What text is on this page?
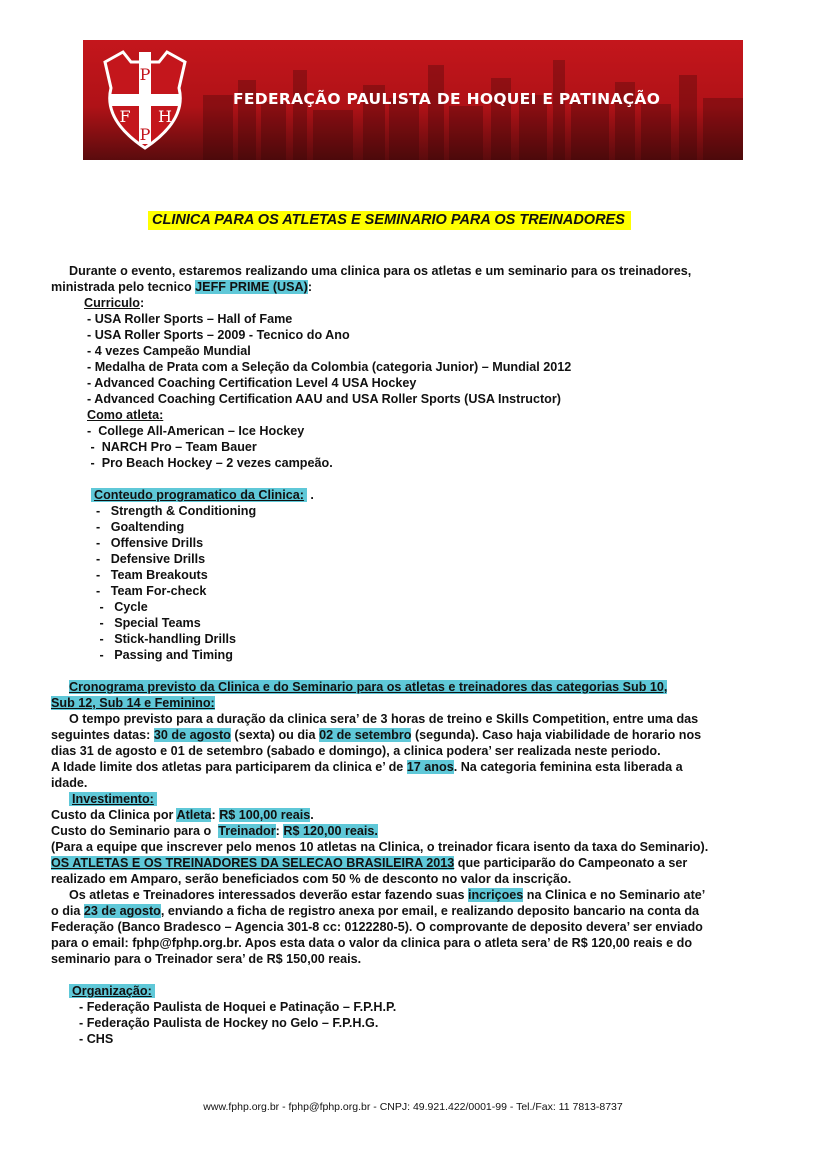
P
F H
P
FEDERAÇÃO PAULISTA DE HOQUEI E PATINAÇÃO
CLINICA PARA OS ATLETAS E SEMINARIO PARA OS TREINADORES
Durante o evento, estaremos realizando uma clinica para os atletas e um seminario para os treinadores,
ministrada pelo tecnico JEFF PRIME (USA):
Curriculo:
- USA Roller Sports – Hall of Fame
- USA Roller Sports – 2009 - Tecnico do Ano
- 4 vezes Campeão Mundial
- Medalha de Prata com a Seleção da Colombia (categoria Junior) – Mundial 2012
- Advanced Coaching Certification Level 4 USA Hockey
- Advanced Coaching Certification AAU and USA Roller Sports (USA Instructor)
Como atleta:
-  College All-American – Ice Hockey
-  NARCH Pro – Team Bauer
-  Pro Beach Hockey – 2 vezes campeão.
Conteudo programatico da Clinica: .
-   Strength & Conditioning
-   Goaltending
-   Offensive Drills
-   Defensive Drills
-   Team Breakouts
-   Team For-check
-   Cycle
-   Special Teams
-   Stick-handling Drills
-   Passing and Timing
Cronograma previsto da Clinica e do Seminario para os atletas e treinadores das categorias Sub 10,
Sub 12, Sub 14 e Feminino:
O tempo previsto para a duração da clinica sera’ de 3 horas de treino e Skills Competition, entre uma das
seguintes datas: 30 de agosto (sexta) ou dia 02 de setembro (segunda). Caso haja viabilidade de horario nos
dias 31 de agosto e 01 de setembro (sabado e domingo), a clinica podera’ ser realizada neste periodo.
A Idade limite dos atletas para participarem da clinica e’ de 17 anos. Na categoria feminina esta liberada a
idade.
Investimento:
Custo da Clinica por Atleta: R$ 100,00 reais.
Custo do Seminario para o  Treinador: R$ 120,00 reais.
(Para a equipe que inscrever pelo menos 10 atletas na Clinica, o treinador ficara isento da taxa do Seminario).
OS ATLETAS E OS TREINADORES DA SELECAO BRASILEIRA 2013 que participarão do Campeonato a ser
realizado em Amparo, serão beneficiados com 50 % de desconto no valor da inscrição.
Os atletas e Treinadores interessados deverão estar fazendo suas incriçoes na Clinica e no Seminario ate’
o dia 23 de agosto, enviando a ficha de registro anexa por email, e realizando deposito bancario na conta da
Federação (Banco Bradesco – Agencia 301-8 cc: 0122280-5). O comprovante de deposito devera’ ser enviado
para o email: fphp@fphp.org.br. Apos esta data o valor da clinica para o atleta sera’ de R$ 120,00 reais e do
seminario para o Treinador sera’ de R$ 150,00 reais.
Organização:
- Federação Paulista de Hoquei e Patinação – F.P.H.P.
- Federação Paulista de Hockey no Gelo – F.P.H.G.
- CHS
www.fphp.org.br - fphp@fphp.org.br - CNPJ: 49.921.422/0001-99 - Tel./Fax: 11 7813-8737
